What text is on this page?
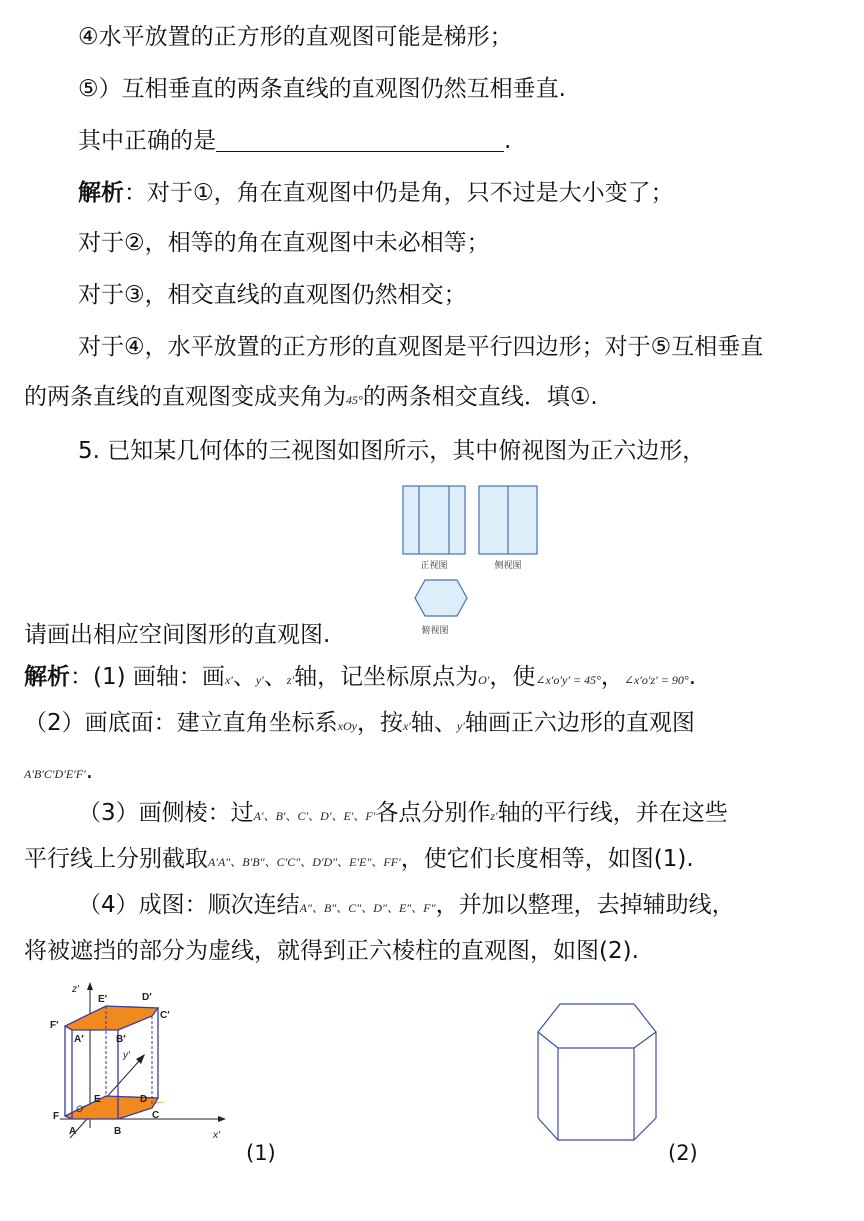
④水平放置的正方形的直观图可能是梯形；
⑤）互相垂直的两条直线的直观图仍然互相垂直.
其中正确的是	.
解析：对于①，角在直观图中仍是角，只不过是大小变了；
对于②，相等的角在直观图中未必相等；
对于③，相交直线的直观图仍然相交；
对于④，水平放置的正方形的直观图是平行四边形；对于⑤互相垂直
的两条直线的直观图变成夹角为45°的两条相交直线．填①.
5. 已知某几何体的三视图如图所示，其中俯视图为正六边形，
正视图	侧视图
俯视图
请画出相应空间图形的直观图.
解析：(1) 画轴：画x′、y′、z′轴，记坐标原点为O′，使∠x′o′y′ = 45°，∠x′o′z′ = 90°.
（2）画底面：建立直角坐标系xOy，按x′轴、y′轴画正六边形的直观图
A′B′C′D′E′F′.
（3）画侧棱：过A′、B′、C′、D′、E′、F′各点分别作z′轴的平行线，并在这些
平行线上分别截取A′A″、B′B″、C′C″、D′D″、E′E″、FF′，使它们长度相等，如图(1).
（4）成图：顺次连结A″、B″、C″、D″、E″、F″，并加以整理，去掉辅助线，
将被遮挡的部分为虚线，就得到正六棱柱的直观图，如图(2).
z′
x′
y′
E′	D′
F′
C′
A′	B′
E	D
F	C
A	B
O′
(1)	(2)
